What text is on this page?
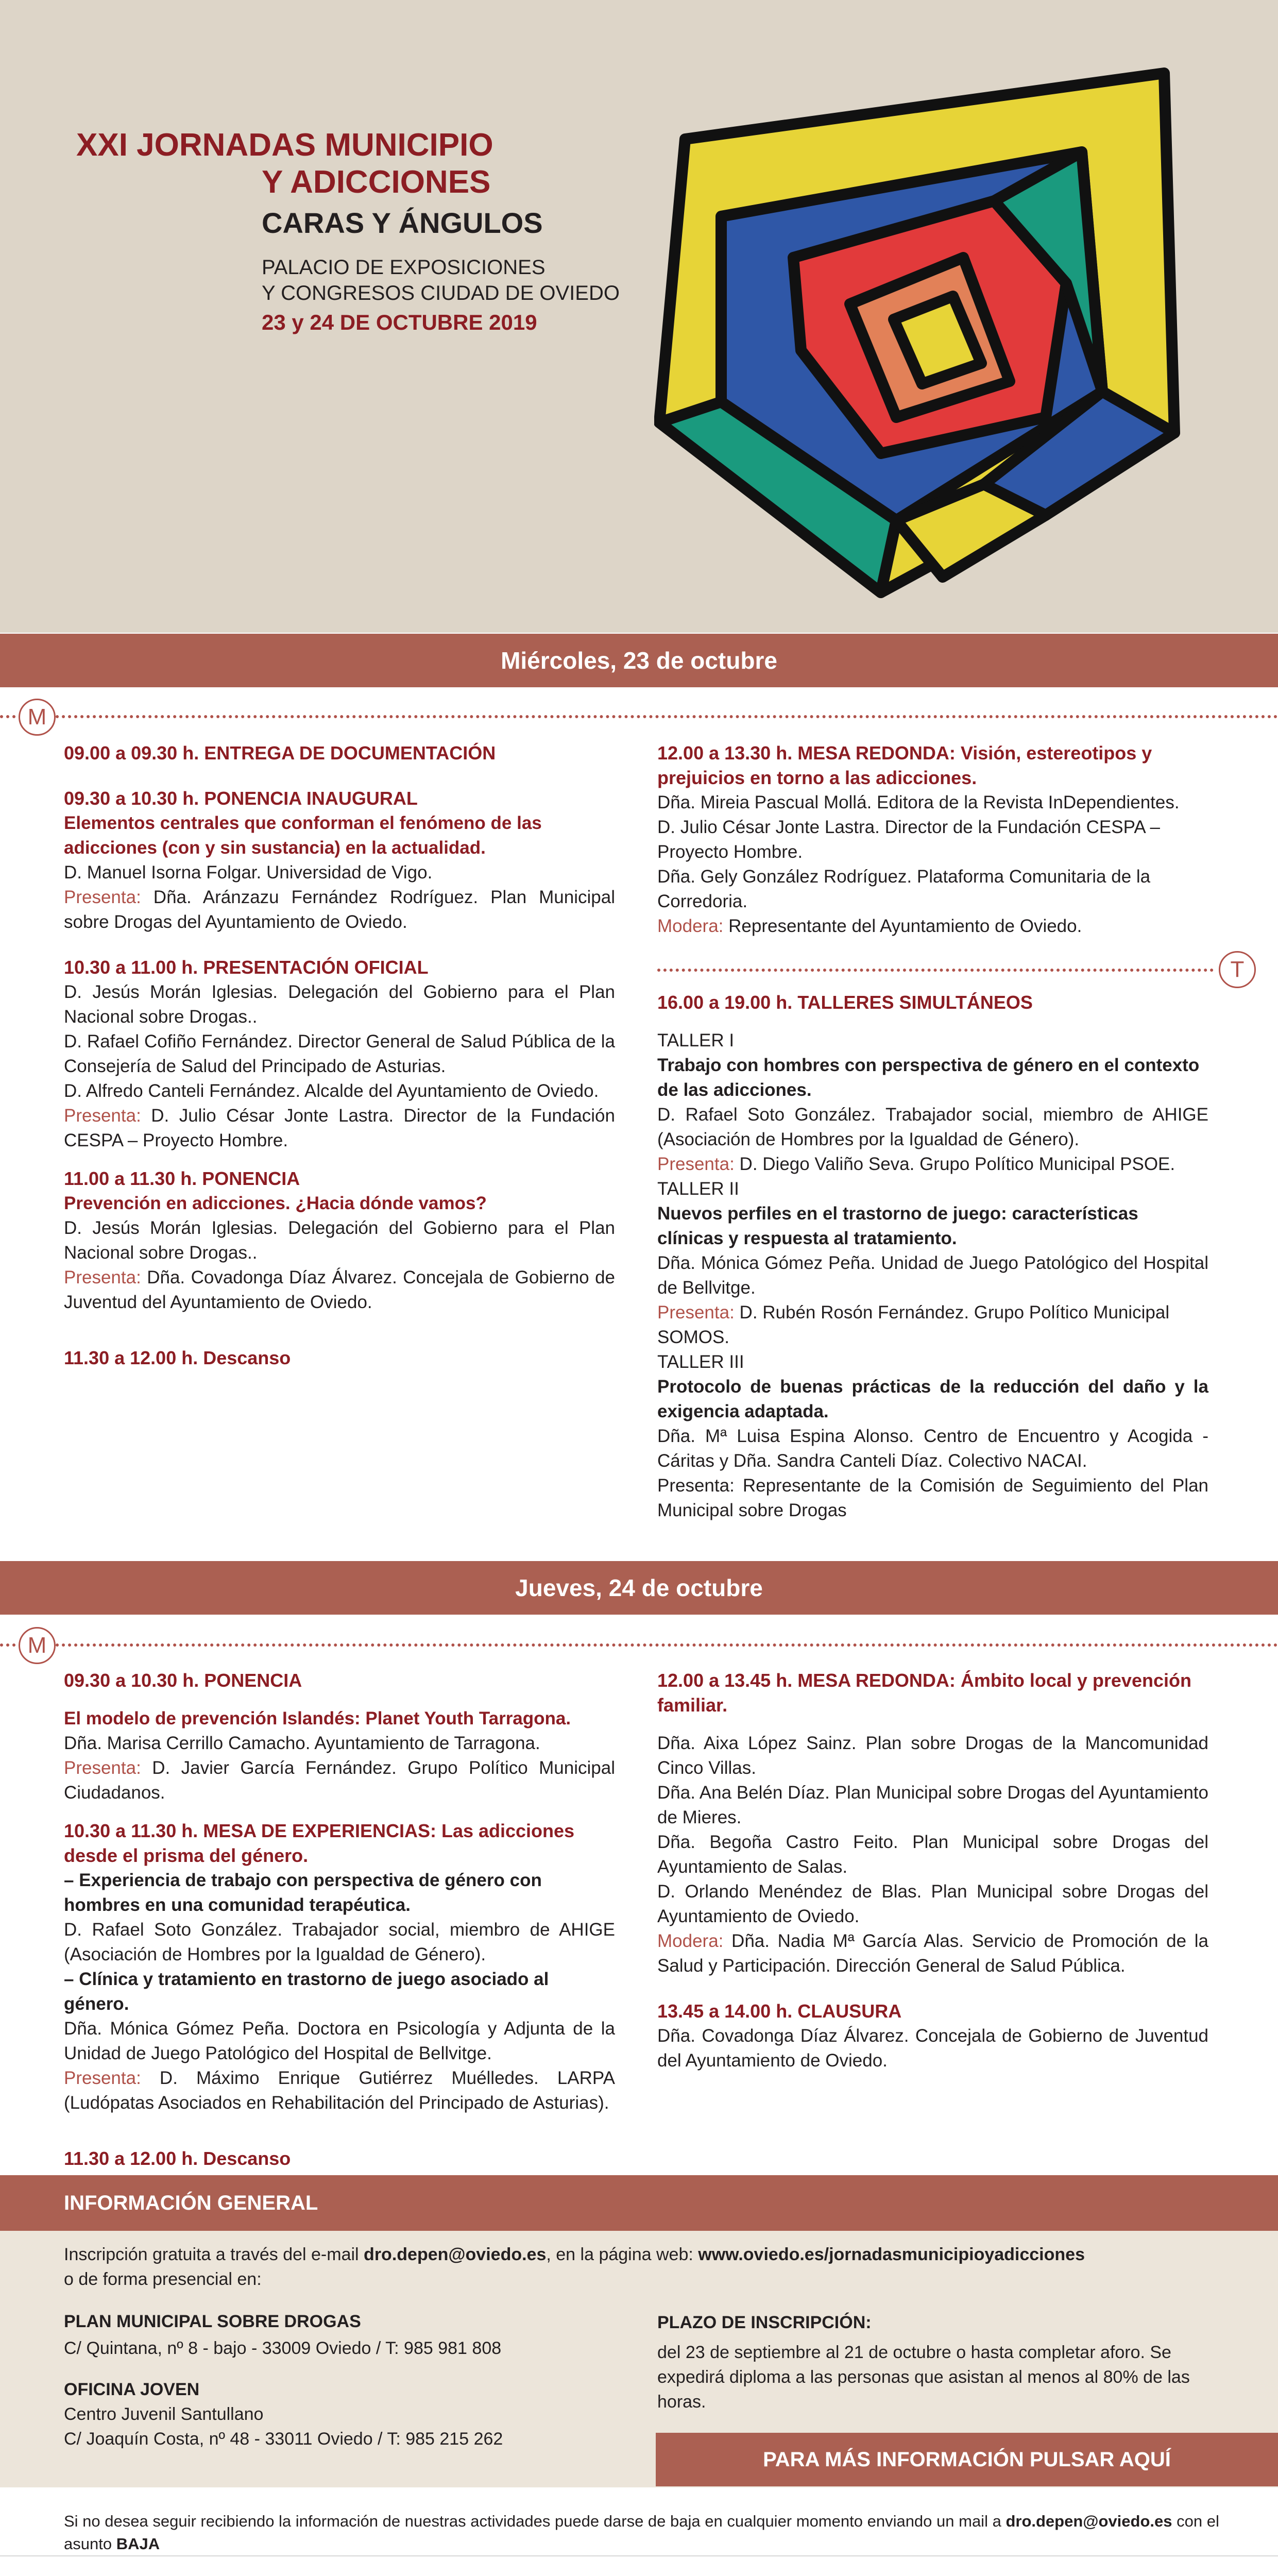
XXI JORNADAS MUNICIPIO
Y ADICCIONES
CARAS Y ÁNGULOS
PALACIO DE EXPOSICIONES
Y CONGRESOS CIUDAD DE OVIEDO
23 y 24 DE OCTUBRE 2019
Miércoles, 23 de octubre
M

09.00 a 09.30 h. ENTREGA DE DOCUMENTACIÓN

09.30 a 10.30 h. PONENCIA INAUGURAL

Elementos centrales que conforman el fenómeno de las adicciones (con y sin sustancia) en la actualidad.

D. Manuel Isorna Folgar. Universidad de Vigo.

Presenta: Dña. Aránzazu Fernández Rodríguez. Plan Municipal sobre Drogas del Ayuntamiento de Oviedo.

10.30 a 11.00 h. PRESENTACIÓN OFICIAL

D. Jesús Morán Iglesias. Delegación del Gobierno para el Plan Nacional sobre Drogas..

D. Rafael Cofiño Fernández. Director General de Salud Pública de la Consejería de Salud del Principado de Asturias.

D. Alfredo Canteli Fernández. Alcalde del Ayuntamiento de Oviedo.

Presenta: D. Julio César Jonte Lastra. Director de la Fundación CESPA – Proyecto Hombre.

11.00 a 11.30 h. PONENCIA

Prevención en adicciones. ¿Hacia dónde vamos?

D. Jesús Morán Iglesias. Delegación del Gobierno para el Plan Nacional sobre Drogas..

Presenta: Dña. Covadonga Díaz Álvarez. Concejala de Gobierno de Juventud del Ayuntamiento de Oviedo.

11.30 a 12.00 h. Descanso

12.00 a 13.30 h. MESA REDONDA: Visión, estereotipos y prejuicios en torno a las adicciones.

Dña. Mireia Pascual Mollá. Editora de la Revista InDependientes.

D. Julio César Jonte Lastra. Director de la Fundación CESPA – Proyecto Hombre.

Dña. Gely González Rodríguez. Plataforma Comunitaria de la Corredoria.

Modera: Representante del Ayuntamiento de Oviedo.

T

16.00 a 19.00 h. TALLERES SIMULTÁNEOS

TALLER I

Trabajo con hombres con perspectiva de género en el contexto de las adicciones.

D. Rafael Soto González. Trabajador social, miembro de AHIGE (Asociación de Hombres por la Igualdad de Género).

Presenta: D. Diego Valiño Seva. Grupo Político Municipal PSOE.

TALLER II

Nuevos perfiles en el trastorno de juego: características clínicas y respuesta al tratamiento.

Dña. Mónica Gómez Peña. Unidad de Juego Patológico del Hospital de Bellvitge.

Presenta: D. Rubén Rosón Fernández. Grupo Político Municipal SOMOS.

TALLER III

Protocolo de buenas prácticas de la reducción del daño y la exigencia adaptada.

Dña. Mª Luisa Espina Alonso. Centro de Encuentro y Acogida - Cáritas y Dña. Sandra Canteli Díaz. Colectivo NACAI.

Presenta: Representante de la Comisión de Seguimiento del Plan Municipal sobre Drogas

Jueves, 24 de octubre
M

09.30 a 10.30 h. PONENCIA

El modelo de prevención Islandés: Planet Youth Tarragona.

Dña. Marisa Cerrillo Camacho. Ayuntamiento de Tarragona.

Presenta: D. Javier García Fernández. Grupo Político Municipal Ciudadanos.

10.30 a 11.30 h. MESA DE EXPERIENCIAS: Las adicciones desde el prisma del género.

– Experiencia de trabajo con perspectiva de género con hombres en una comunidad terapéutica.

D. Rafael Soto González. Trabajador social, miembro de AHIGE (Asociación de Hombres por la Igualdad de Género).

– Clínica y tratamiento en trastorno de juego asociado al género.

Dña. Mónica Gómez Peña. Doctora en Psicología y Adjunta de la Unidad de Juego Patológico del Hospital de Bellvitge.

Presenta: D. Máximo Enrique Gutiérrez Muélledes. LARPA (Ludópatas Asociados en Rehabilitación del Principado de Asturias).

11.30 a 12.00 h. Descanso

12.00 a 13.45 h. MESA REDONDA: Ámbito local y prevención familiar.

Dña. Aixa López Sainz. Plan sobre Drogas de la Mancomunidad Cinco Villas.

Dña. Ana Belén Díaz. Plan Municipal sobre Drogas del Ayuntamiento de Mieres.

Dña. Begoña Castro Feito. Plan Municipal sobre Drogas del Ayuntamiento de Salas.

D. Orlando Menéndez de Blas. Plan Municipal sobre Drogas del Ayuntamiento de Oviedo.

Modera: Dña. Nadia Mª García Alas. Servicio de Promoción de la Salud y Participación. Dirección General de Salud Pública.

13.45 a 14.00 h. CLAUSURA

Dña. Covadonga Díaz Álvarez. Concejala de Gobierno de Juventud del Ayuntamiento de Oviedo.

INFORMACIÓN GENERAL
Inscripción gratuita a través del e-mail dro.depen@oviedo.es, en la página web: www.oviedo.es/jornadasmunicipioyadicciones
o de forma presencial en:
PLAN MUNICIPAL SOBRE DROGAS
C/ Quintana, nº 8 - bajo - 33009 Oviedo / T: 985 981 808
OFICINA JOVEN
Centro Juvenil Santullano
C/ Joaquín Costa, nº 48 - 33011 Oviedo / T: 985 215 262
PLAZO DE INSCRIPCIÓN:
del 23 de septiembre al 21 de octubre o hasta completar aforo. Se expedirá diploma a las personas que asistan al menos al 80% de las horas.
PARA MÁS INFORMACIÓN PULSAR AQUÍ
Si no desea seguir recibiendo la información de nuestras actividades puede darse de baja en cualquier momento enviando un mail a dro.depen@oviedo.es con el asunto BAJA
